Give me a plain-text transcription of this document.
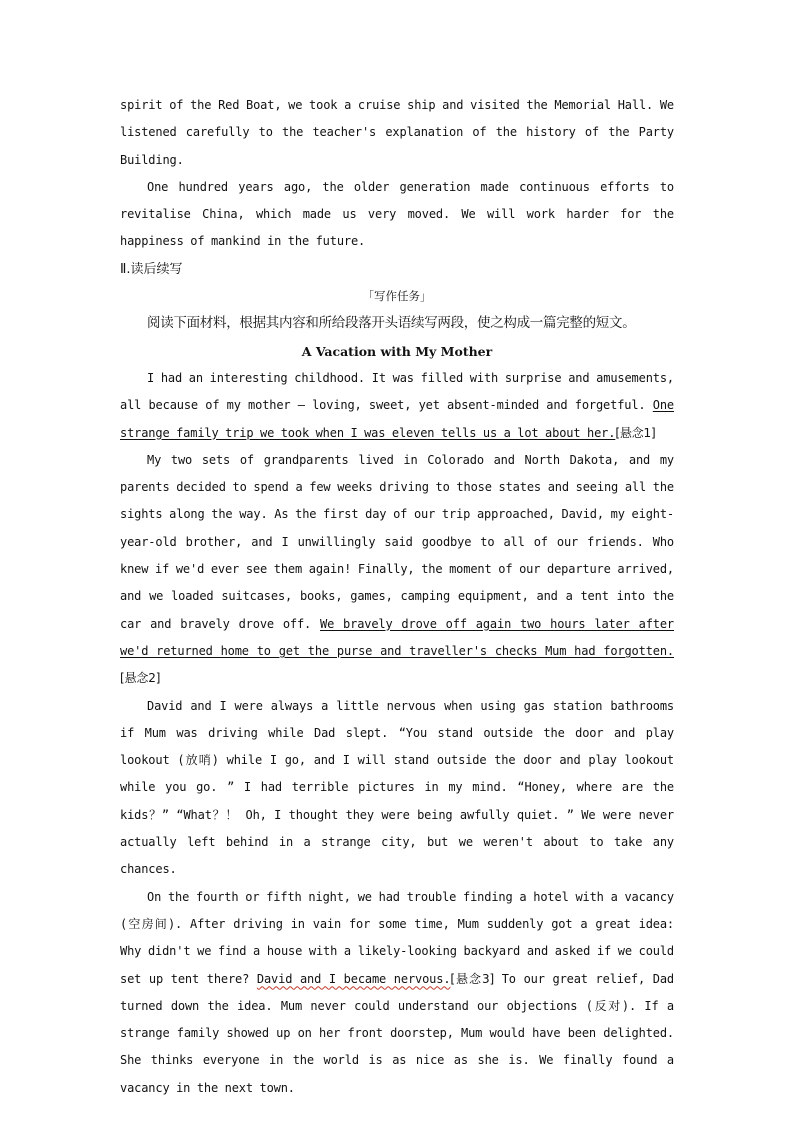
spirit of the Red Boat, we took a cruise ship and visited the Memorial Hall. We listened carefully to the teacher's explanation of the history of the Party Building.

One hundred years ago, the older generation made continuous efforts to revitalise China, which made us very moved. We will work harder for the happiness of mankind in the future.

Ⅱ.读后续写

「写作任务」

阅读下面材料，根据其内容和所给段落开头语续写两段，使之构成一篇完整的短文。

A Vacation with My Mother

I had an interesting childhood. It was filled with surprise and amusements, all because of my mother — loving, sweet, yet absent-minded and forgetful. One strange family trip we took when I was eleven tells us a lot about her.[悬念1]

My two sets of grandparents lived in Colorado and North Dakota, and my parents decided to spend a few weeks driving to those states and seeing all the sights along the way. As the first day of our trip approached, David, my eight-year-old brother, and I unwillingly said goodbye to all of our friends. Who knew if we'd ever see them again! Finally, the moment of our departure arrived, and we loaded suitcases, books, games, camping equipment, and a tent into the car and bravely drove off. We bravely drove off again two hours later after we'd returned home to get the purse and traveller's checks Mum had forgotten.[悬念2]

David and I were always a little nervous when using gas station bathrooms if Mum was driving while Dad slept. “You stand outside the door and play lookout (放哨) while I go, and I will stand outside the door and play lookout while you go. ” I had terrible pictures in my mind. “Honey, where are the kids？” “What？！ Oh, I thought they were being awfully quiet. ” We were never actually left behind in a strange city, but we weren't about to take any chances.

On the fourth or fifth night, we had trouble finding a hotel with a vacancy (空房间). After driving in vain for some time, Mum suddenly got a great idea: Why didn't we find a house with a likely-looking backyard and asked if we could set up tent there? David and I became nervous.[悬念3] To our great relief, Dad turned down the idea. Mum never could understand our objections (反对). If a strange family showed up on her front doorstep, Mum would have been delighted. She thinks everyone in the world is as nice as she is. We finally found a vacancy in the next town.
